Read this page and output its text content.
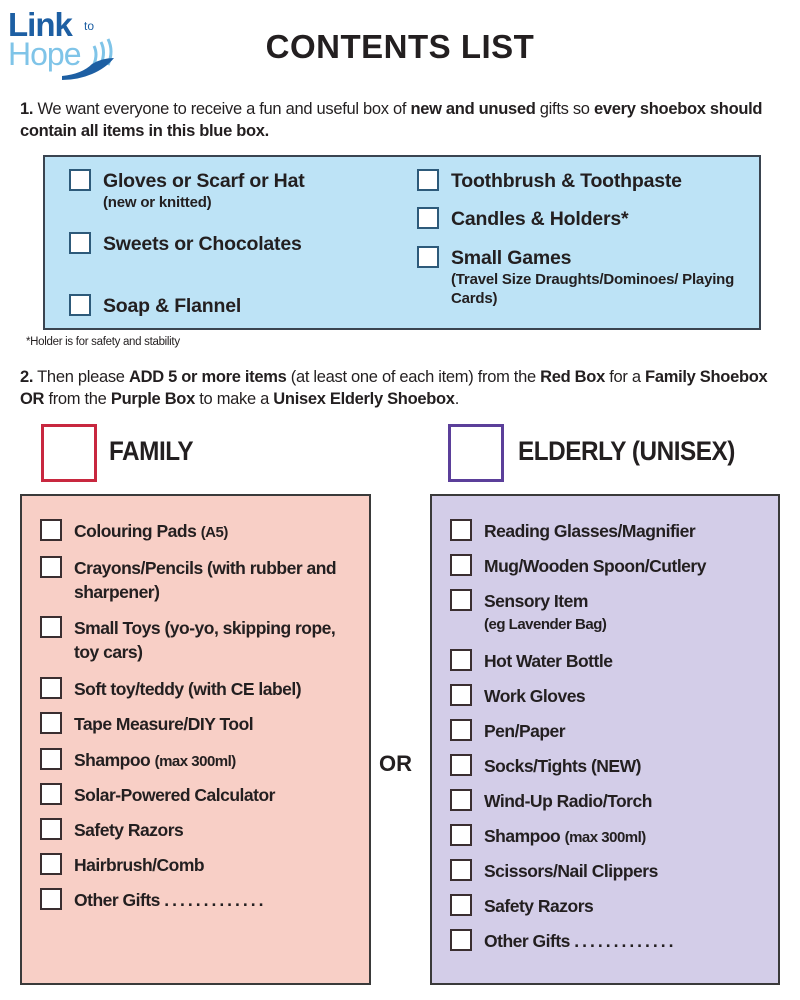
Link to
Hope	CONTENTS LIST
1. We want everyone to receive a fun and useful box of new and unused gifts so every shoebox should contain all items in this blue box.
Gloves or Scarf or Hat
(new or knitted)
Sweets or Chocolates
Soap & Flannel
Toothbrush & Toothpaste
Candles & Holders*
Small Games
(Travel Size Draughts/Dominoes/ Playing Cards)
*Holder is for safety and stability
2. Then please ADD 5 or more items (at least one of each item) from the Red Box for a Family Shoebox OR from the Purple Box to make a Unisex Elderly Shoebox.
FAMILY	ELDERLY (UNISEX)
Colouring Pads (A5)
Crayons/Pencils (with rubber and sharpener)
Small Toys (yo-yo, skipping rope, toy cars)
Soft toy/teddy (with CE label)
Tape Measure/DIY Tool
Shampoo (max 300ml)
Solar-Powered Calculator
Safety Razors
Hairbrush/Comb
Other Gifts .............
OR
Reading Glasses/Magnifier
Mug/Wooden Spoon/Cutlery
Sensory Item
(eg Lavender Bag)
Hot Water Bottle
Work Gloves
Pen/Paper
Socks/Tights (NEW)
Wind-Up Radio/Torch
Shampoo (max 300ml)
Scissors/Nail Clippers
Safety Razors
Other Gifts .............
